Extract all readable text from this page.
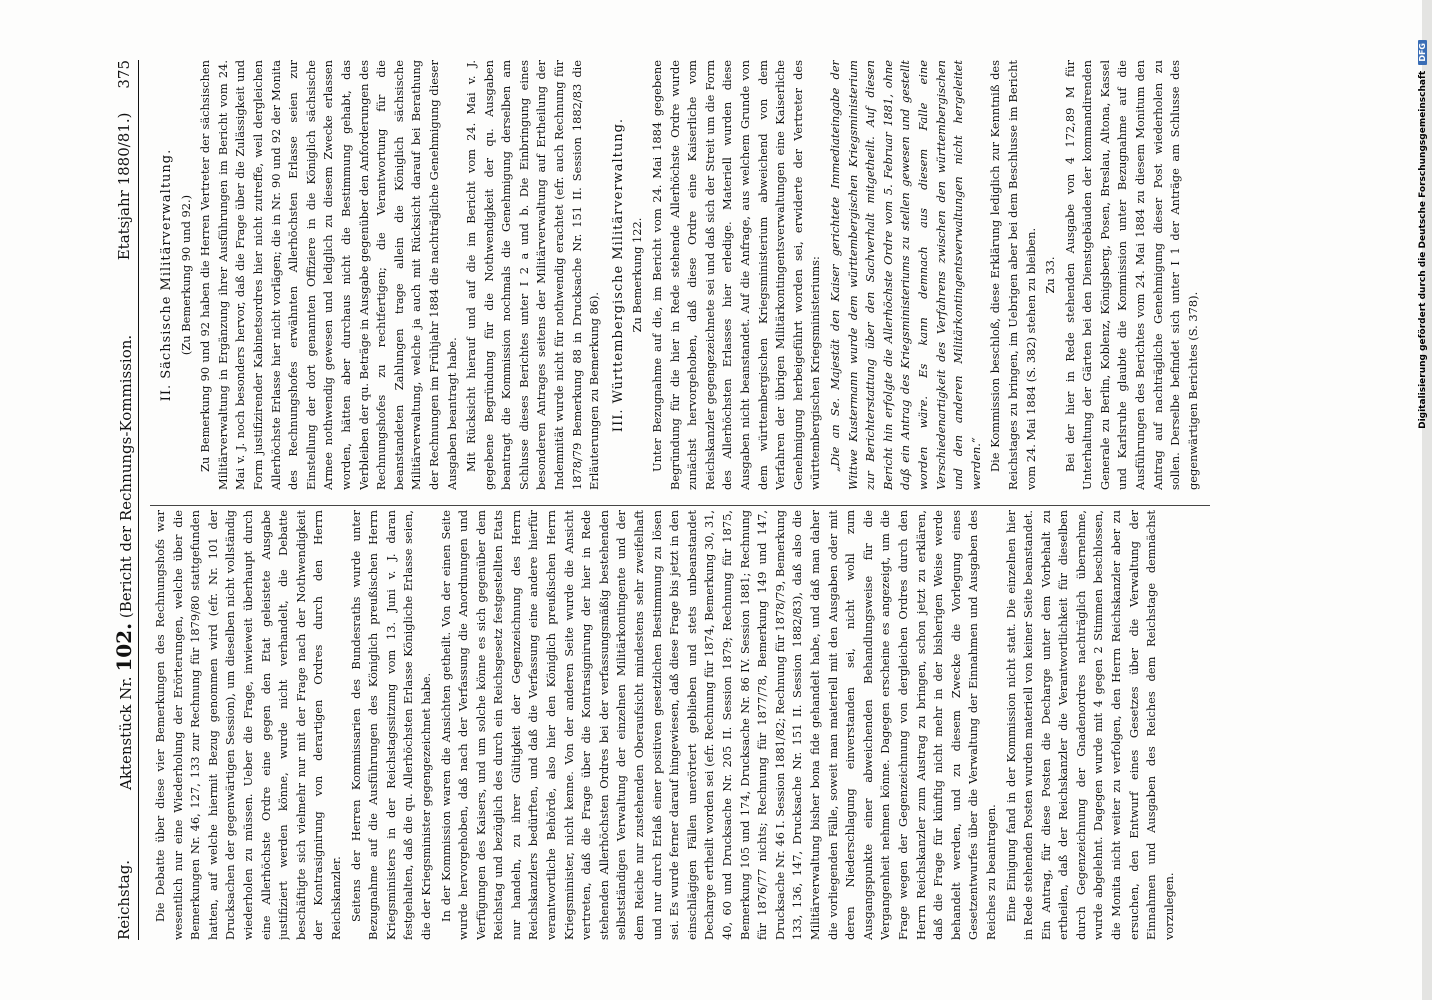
Reichstag.
Aktenstück Nr. 102. (Bericht der Rechnungs-Kommission.
Etatsjahr 1880/81.)     375

Die Debatte über diese vier Bemerkungen des Rechnungshofs war wesentlich nur eine Wiederholung der Erörterungen, welche über die Bemerkungen Nr. 46, 127, 133 zur Rechnung für 1879/80 stattgefunden hatten, auf welche hiermit Bezug genommen wird (efr. Nr. 101 der Drucksachen der gegenwärtigen Session), um dieselben nicht vollständig wiederholen zu müssen. Ueber die Frage, inwieweit überhaupt durch eine Allerhöchste Ordre eine gegen den Etat geleistete Ausgabe justifiziert werden könne, wurde nicht verhandelt, die Debatte beschäftigte sich vielmehr nur mit der Frage nach der Nothwendigkeit der Kontrasignirung von derartigen Ordres durch den Herrn Reichskanzler. Seitens der Herren Kommissarien des Bundesraths wurde unter Bezugnahme auf die Ausführungen des Königlich preußischen Herrn Kriegsministers in der Reichstagssitzung vom 13. Juni v. J. daran festgehalten, daß die qu. Allerhöchsten Erlasse Königliche Erlasse seien, die der Kriegsminister gegengezeichnet habe. In der Kommission waren die Ansichten getheilt. Von der einen Seite wurde hervorgehoben, daß nach der Verfassung die Anordnungen und Verfügungen des Kaisers, und um solche könne es sich gegenüber dem Reichstag und bezüglich des durch ein Reichsgesetz festgestellten Etats nur handeln, zu ihrer Gültigkeit der Gegenzeichnung des Herrn Reichskanzlers bedürften, und daß die Verfassung eine andere hierfür verantwortliche Behörde, also hier den Königlich preußischen Herrn Kriegsminister, nicht kenne. Von der anderen Seite wurde die Ansicht vertreten, daß die Frage über die Kontrasignirung der hier in Rede stehenden Allerhöchsten Ordres bei der verfassungsmäßig bestehenden selbstständigen Verwaltung der einzelnen Militärkontingente und der dem Reiche nur zustehenden Oberaufsicht mindestens sehr zweifelhaft und nur durch Erlaß einer positiven gesetzlichen Bestimmung zu lösen sei. Es wurde ferner darauf hingewiesen, daß diese Frage bis jetzt in den einschlägigen Fällen unerörtert geblieben und stets unbeanstandet Decharge ertheilt worden sei (efr. Rechnung für 1874, Bemerkung 30, 31, 40, 60 und Drucksache Nr. 205 II. Session 1879; Rechnung für 1875, Bemerkung 105 und 174, Drucksache Nr. 86 IV. Session 1881; Rechnung für 1876/77 nichts; Rechnung für 1877/78, Bemerkung 149 und 147, Drucksache Nr. 46 I. Session 1881/82; Rechnung für 1878/79, Bemerkung 133, 136, 147, Drucksache Nr. 151 II. Session 1882/83), daß also die Militärverwaltung bisher bona fide gehandelt habe, und daß man daher die vorliegenden Fälle, soweit man materiell mit den Ausgaben oder mit deren Niederschlagung einverstanden sei, nicht wohl zum Ausgangspunkte einer abweichenden Behandlungsweise für die Vergangenheit nehmen könne. Dagegen erscheine es angezeigt, um die Frage wegen der Gegenzeichnung von dergleichen Ordres durch den Herrn Reichskanzler zum Austrag zu bringen, schon jetzt zu erklären, daß die Frage für künftig nicht mehr in der bisherigen Weise werde behandelt werden, und zu diesem Zwecke die Vorlegung eines Gesetzentwurfes über die Verwaltung der Einnahmen und Ausgaben des Reiches zu beantragen. Eine Einigung fand in der Kommission nicht statt. Die einzelnen hier in Rede stehenden Posten wurden materiell von keiner Seite beanstandet. Ein Antrag, für diese Posten die Decharge unter dem Vorbehalt zu ertheilen, daß der Reichskanzler die Verantwortlichkeit für dieselben durch Gegenzeichnung der Gnadenordres nachträglich übernehme, wurde abgelehnt. Dagegen wurde mit 4 gegen 2 Stimmen beschlossen, die Monita nicht weiter zu verfolgen, den Herrn Reichskanzler aber zu ersuchen, den Entwurf eines Gesetzes über die Verwaltung der Einnahmen und Ausgaben des Reiches dem Reichstage demnächst vorzulegen.

II. Sächsische Militärverwaltung. (Zu Bemerkung 90 und 92.) Zu Bemerkung 90 und 92 haben die Herren Vertreter der sächsischen Militärverwaltung in Ergänzung ihrer Ausführungen im Bericht vom 24. Mai v. J. noch besonders hervor, daß die Frage über die Zulässigkeit und Form justifizirender Kabinetsordres hier nicht zutreffe, weil dergleichen Allerhöchste Erlasse hier nicht vorlägen; die in Nr. 90 und 92 der Monita des Rechnungshofes erwähnten Allerhöchsten Erlasse seien zur Einstellung der dort genannten Offiziere in die Königlich sächsische Armee nothwendig gewesen und lediglich zu diesem Zwecke erlassen worden, hätten aber durchaus nicht die Bestimmung gehabt, das Verbleiben der qu. Beträge in Ausgabe gegenüber den Anforderungen des Rechnungshofes zu rechtfertigen; die Verantwortung für die beanstandeten Zahlungen trage allein die Königlich sächsische Militärverwaltung, welche ja auch mit Rücksicht darauf bei Berathung der Rechnungen im Frühjahr 1884 die nachträgliche Genehmigung dieser Ausgaben beantragt habe. Mit Rücksicht hierauf und auf die im Bericht vom 24. Mai v. J. gegebene Begründung für die Nothwendigkeit der qu. Ausgaben beantragt die Kommission nochmals die Genehmigung derselben am Schlusse dieses Berichtes unter I 2 a und b. Die Einbringung eines besonderen Antrages seitens der Militärverwaltung auf Ertheilung der Indemnität wurde nicht für nothwendig erachtet (efr. auch Rechnung für 1878/79 Bemerkung 88 in Drucksache Nr. 151 II. Session 1882/83 die Erläuterungen zu Bemerkung 86). III. Württembergische Militärverwaltung. Zu Bemerkung 122. Unter Bezugnahme auf die, im Bericht vom 24. Mai 1884 gegebene Begründung für die hier in Rede stehende Allerhöchste Ordre wurde zunächst hervorgehoben, daß diese Ordre eine Kaiserliche vom Reichskanzler gegengezeichnete sei und daß sich der Streit um die Form des Allerhöchsten Erlasses hier erledige. Materiell wurden diese Ausgaben nicht beanstandet. Auf die Anfrage, aus welchem Grunde von dem württembergischen Kriegsministerium abweichend von dem Verfahren der übrigen Militärkontingentsverwaltungen eine Kaiserliche Genehmigung herbeigeführt worden sei, erwiderte der Vertreter des württembergischen Kriegsministeriums: „Die an Se. Majestät den Kaiser gerichtete Immediateingabe der Wittwe Kustermann wurde dem württembergischen Kriegsministerium zur Berichterstattung über den Sachverhalt mitgetheilt. Auf diesen Bericht hin erfolgte die Allerhöchste Ordre vom 5. Februar 1881, ohne daß ein Antrag des Kriegsministeriums zu stellen gewesen und gestellt worden wäre. Es kann demnach aus diesem Falle eine Verschiedenartigkeit des Verfahrens zwischen den württembergischen und den anderen Militärkontingentsverwaltungen nicht hergeleitet werden.“ Die Kommission beschloß, diese Erklärung lediglich zur Kenntniß des Reichstages zu bringen, im Uebrigen aber bei dem Beschlusse im Bericht vom 24. Mai 1884 (S. 382) stehen zu bleiben. Zu 33. Bei der hier in Rede stehenden Ausgabe von 4 172,89 M für Unterhaltung der Gärten bei den Dienstgebäuden der kommandirenden Generale zu Berlin, Koblenz, Königsberg, Posen, Breslau, Altona, Kassel und Karlsruhe glaubte die Kommission unter Bezugnahme auf die Ausführungen des Berichtes vom 24. Mai 1884 zu diesem Monitum den Antrag auf nachträgliche Genehmigung dieser Post wiederholen zu sollen. Derselbe befindet sich unter I 1 der Anträge am Schlusse des gegenwärtigen Berichtes (S. 378).	Digitalisierung gefördert durch die Deutsche Forschungsgemeinschaft DFG
